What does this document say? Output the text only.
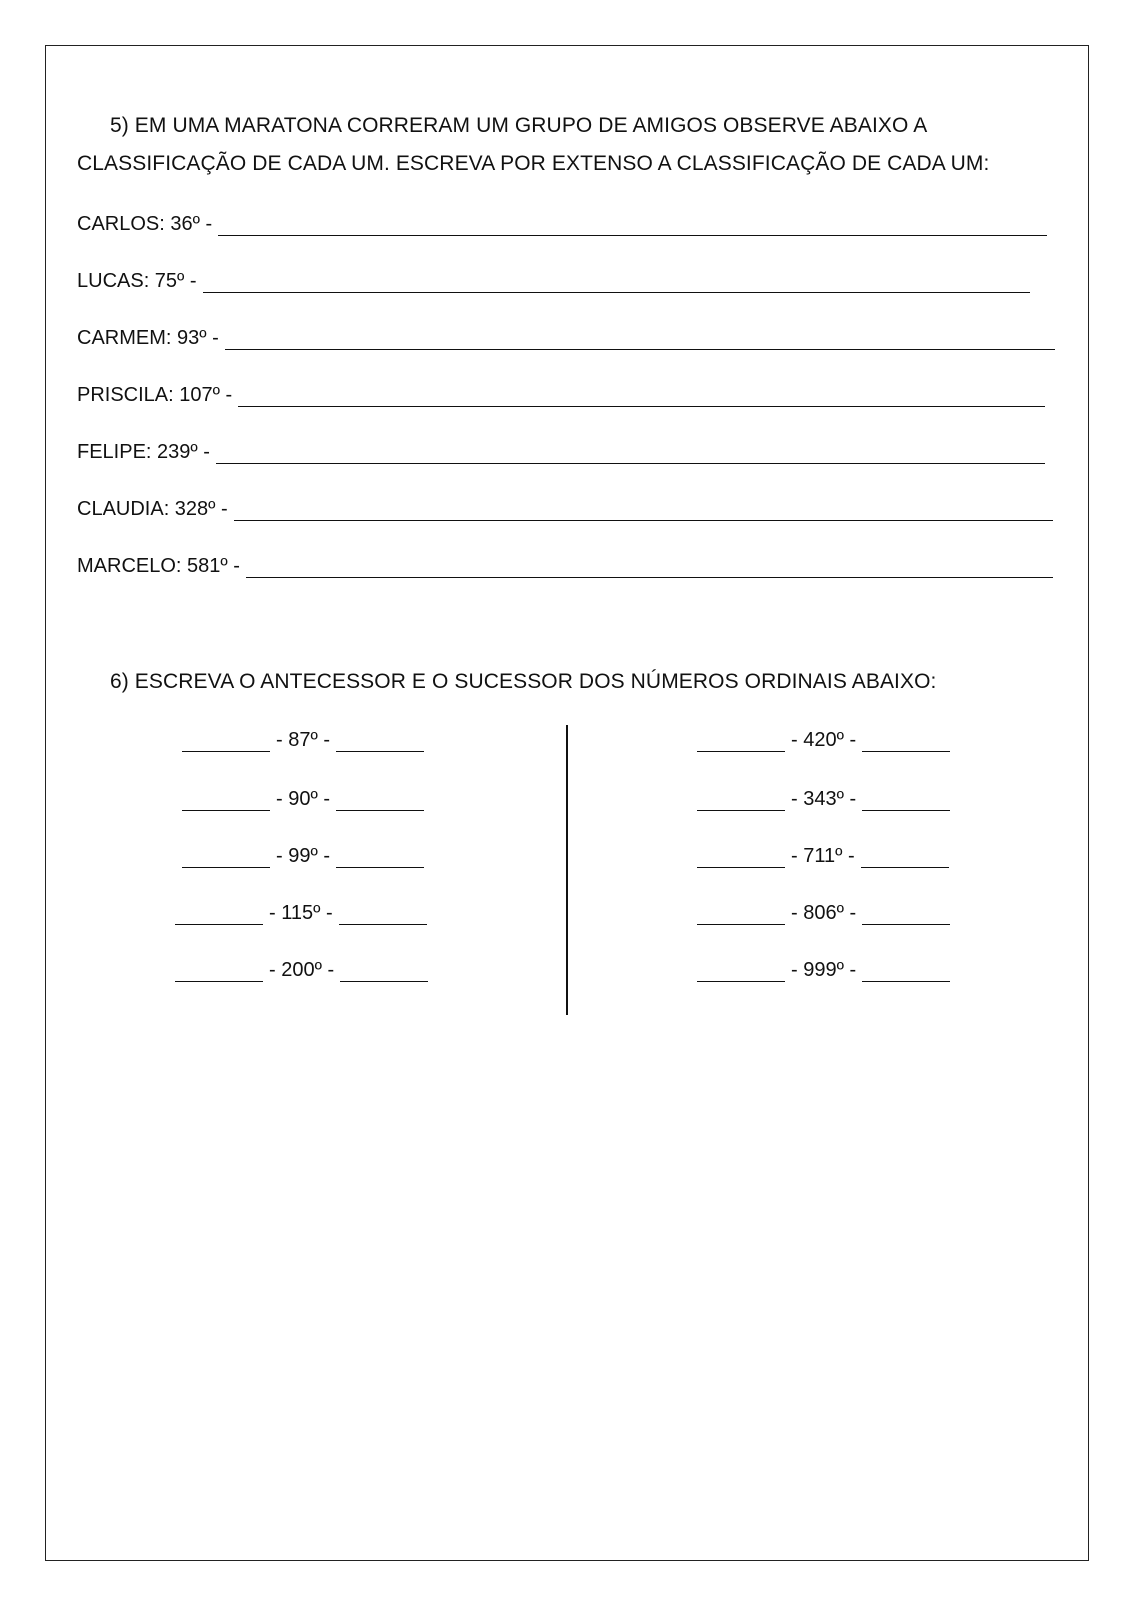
5) EM UMA MARATONA CORRERAM UM GRUPO DE AMIGOS OBSERVE ABAIXO A
CLASSIFICAÇÃO DE CADA UM. ESCREVA POR EXTENSO A CLASSIFICAÇÃO DE CADA UM:
CARLOS: 36º -
LUCAS: 75º -
CARMEM: 93º -
PRISCILA: 107º -
FELIPE: 239º -
CLAUDIA: 328º -
MARCELO: 581º -
6) ESCREVA O ANTECESSOR E O SUCESSOR DOS NÚMEROS ORDINAIS ABAIXO:
- 87º -
- 90º -
- 99º -
- 115º -
- 200º -
- 420º -
- 343º -
- 711º -
- 806º -
- 999º -
